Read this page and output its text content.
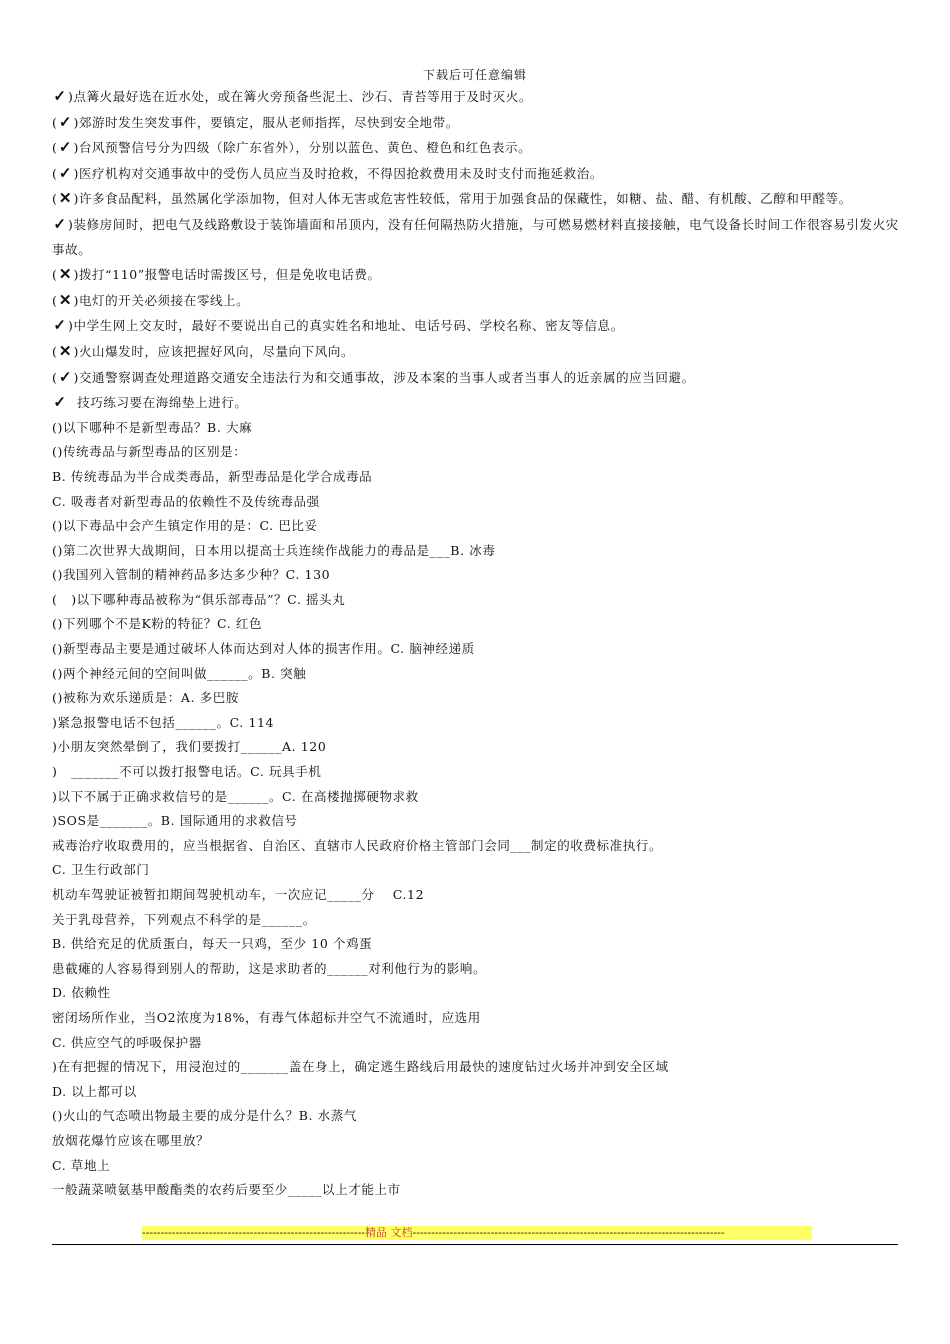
下载后可任意编辑
✓)点篝火最好选在近水处，或在篝火旁预备些泥土、沙石、青苔等用于及时灭火。
(✓)郊游时发生突发事件，要镇定，服从老师指挥，尽快到安全地带。
(✓)台风预警信号分为四级（除广东省外），分别以蓝色、黄色、橙色和红色表示。
(✓)医疗机构对交通事故中的受伤人员应当及时抢救，不得因抢救费用未及时支付而拖延救治。
(✕)许多食品配料，虽然属化学添加物，但对人体无害或危害性较低，常用于加强食品的保藏性，如糖、盐、醋、有机酸、乙醇和甲醛等。
✓)装修房间时，把电气及线路敷设于装饰墙面和吊顶内，没有任何隔热防火措施，与可燃易燃材料直接接触，电气设备长时间工作很容易引发火灾事故。
(✕)拨打“110”报警电话时需拨区号，但是免收电话费。
(✕)电灯的开关必须接在零线上。
✓)中学生网上交友时，最好不要说出自己的真实姓名和地址、电话号码、学校名称、密友等信息。
(✕)火山爆发时，应该把握好风向，尽量向下风向。
(✓)交通警察调查处理道路交通安全违法行为和交通事故，涉及本案的当事人或者当事人的近亲属的应当回避。
✓  技巧练习要在海绵垫上进行。
()以下哪种不是新型毒品？B. 大麻
()传统毒品与新型毒品的区别是：
B. 传统毒品为半合成类毒品，新型毒品是化学合成毒品
C. 吸毒者对新型毒品的依赖性不及传统毒品强
()以下毒品中会产生镇定作用的是：C. 巴比妥
()第二次世界大战期间，日本用以提高士兵连续作战能力的毒品是___B. 冰毒
()我国列入管制的精神药品多达多少种？C. 130
(   )以下哪种毒品被称为“俱乐部毒品”？C. 摇头丸
()下列哪个不是K粉的特征？C. 红色
()新型毒品主要是通过破坏人体而达到对人体的损害作用。C. 脑神经递质
()两个神经元间的空间叫做______。B. 突触
()被称为欢乐递质是：A. 多巴胺
)紧急报警电话不包括______。C. 114
)小朋友突然晕倒了，我们要拨打______A. 120
)   _______不可以拨打报警电话。C. 玩具手机
)以下不属于正确求救信号的是______。C. 在高楼抛掷硬物求救
)SOS是_______。B. 国际通用的求救信号
戒毒治疗收取费用的，应当根据省、自治区、直辖市人民政府价格主管部门会同___制定的收费标准执行。
C. 卫生行政部门
机动车驾驶证被暂扣期间驾驶机动车，一次应记_____分    C.12
关于乳母营养，下列观点不科学的是______。
B. 供给充足的优质蛋白，每天一只鸡，至少 10 个鸡蛋
患截瘫的人容易得到别人的帮助，这是求助者的______对利他行为的影响。
D. 依赖性
密闭场所作业，当O2浓度为18%，有毒气体超标并空气不流通时，应选用
C. 供应空气的呼吸保护器
)在有把握的情况下，用浸泡过的_______盖在身上，确定逃生路线后用最快的速度钻过火场并冲到安全区域
D. 以上都可以
()火山的气态喷出物最主要的成分是什么？B. 水蒸气
放烟花爆竹应该在哪里放？
C. 草地上
一般蔬菜喷氨基甲酸酯类的农药后要至少_____以上才能上市
------------------------------------------------------------精品 文档------------------------------------------------------------------------------------
